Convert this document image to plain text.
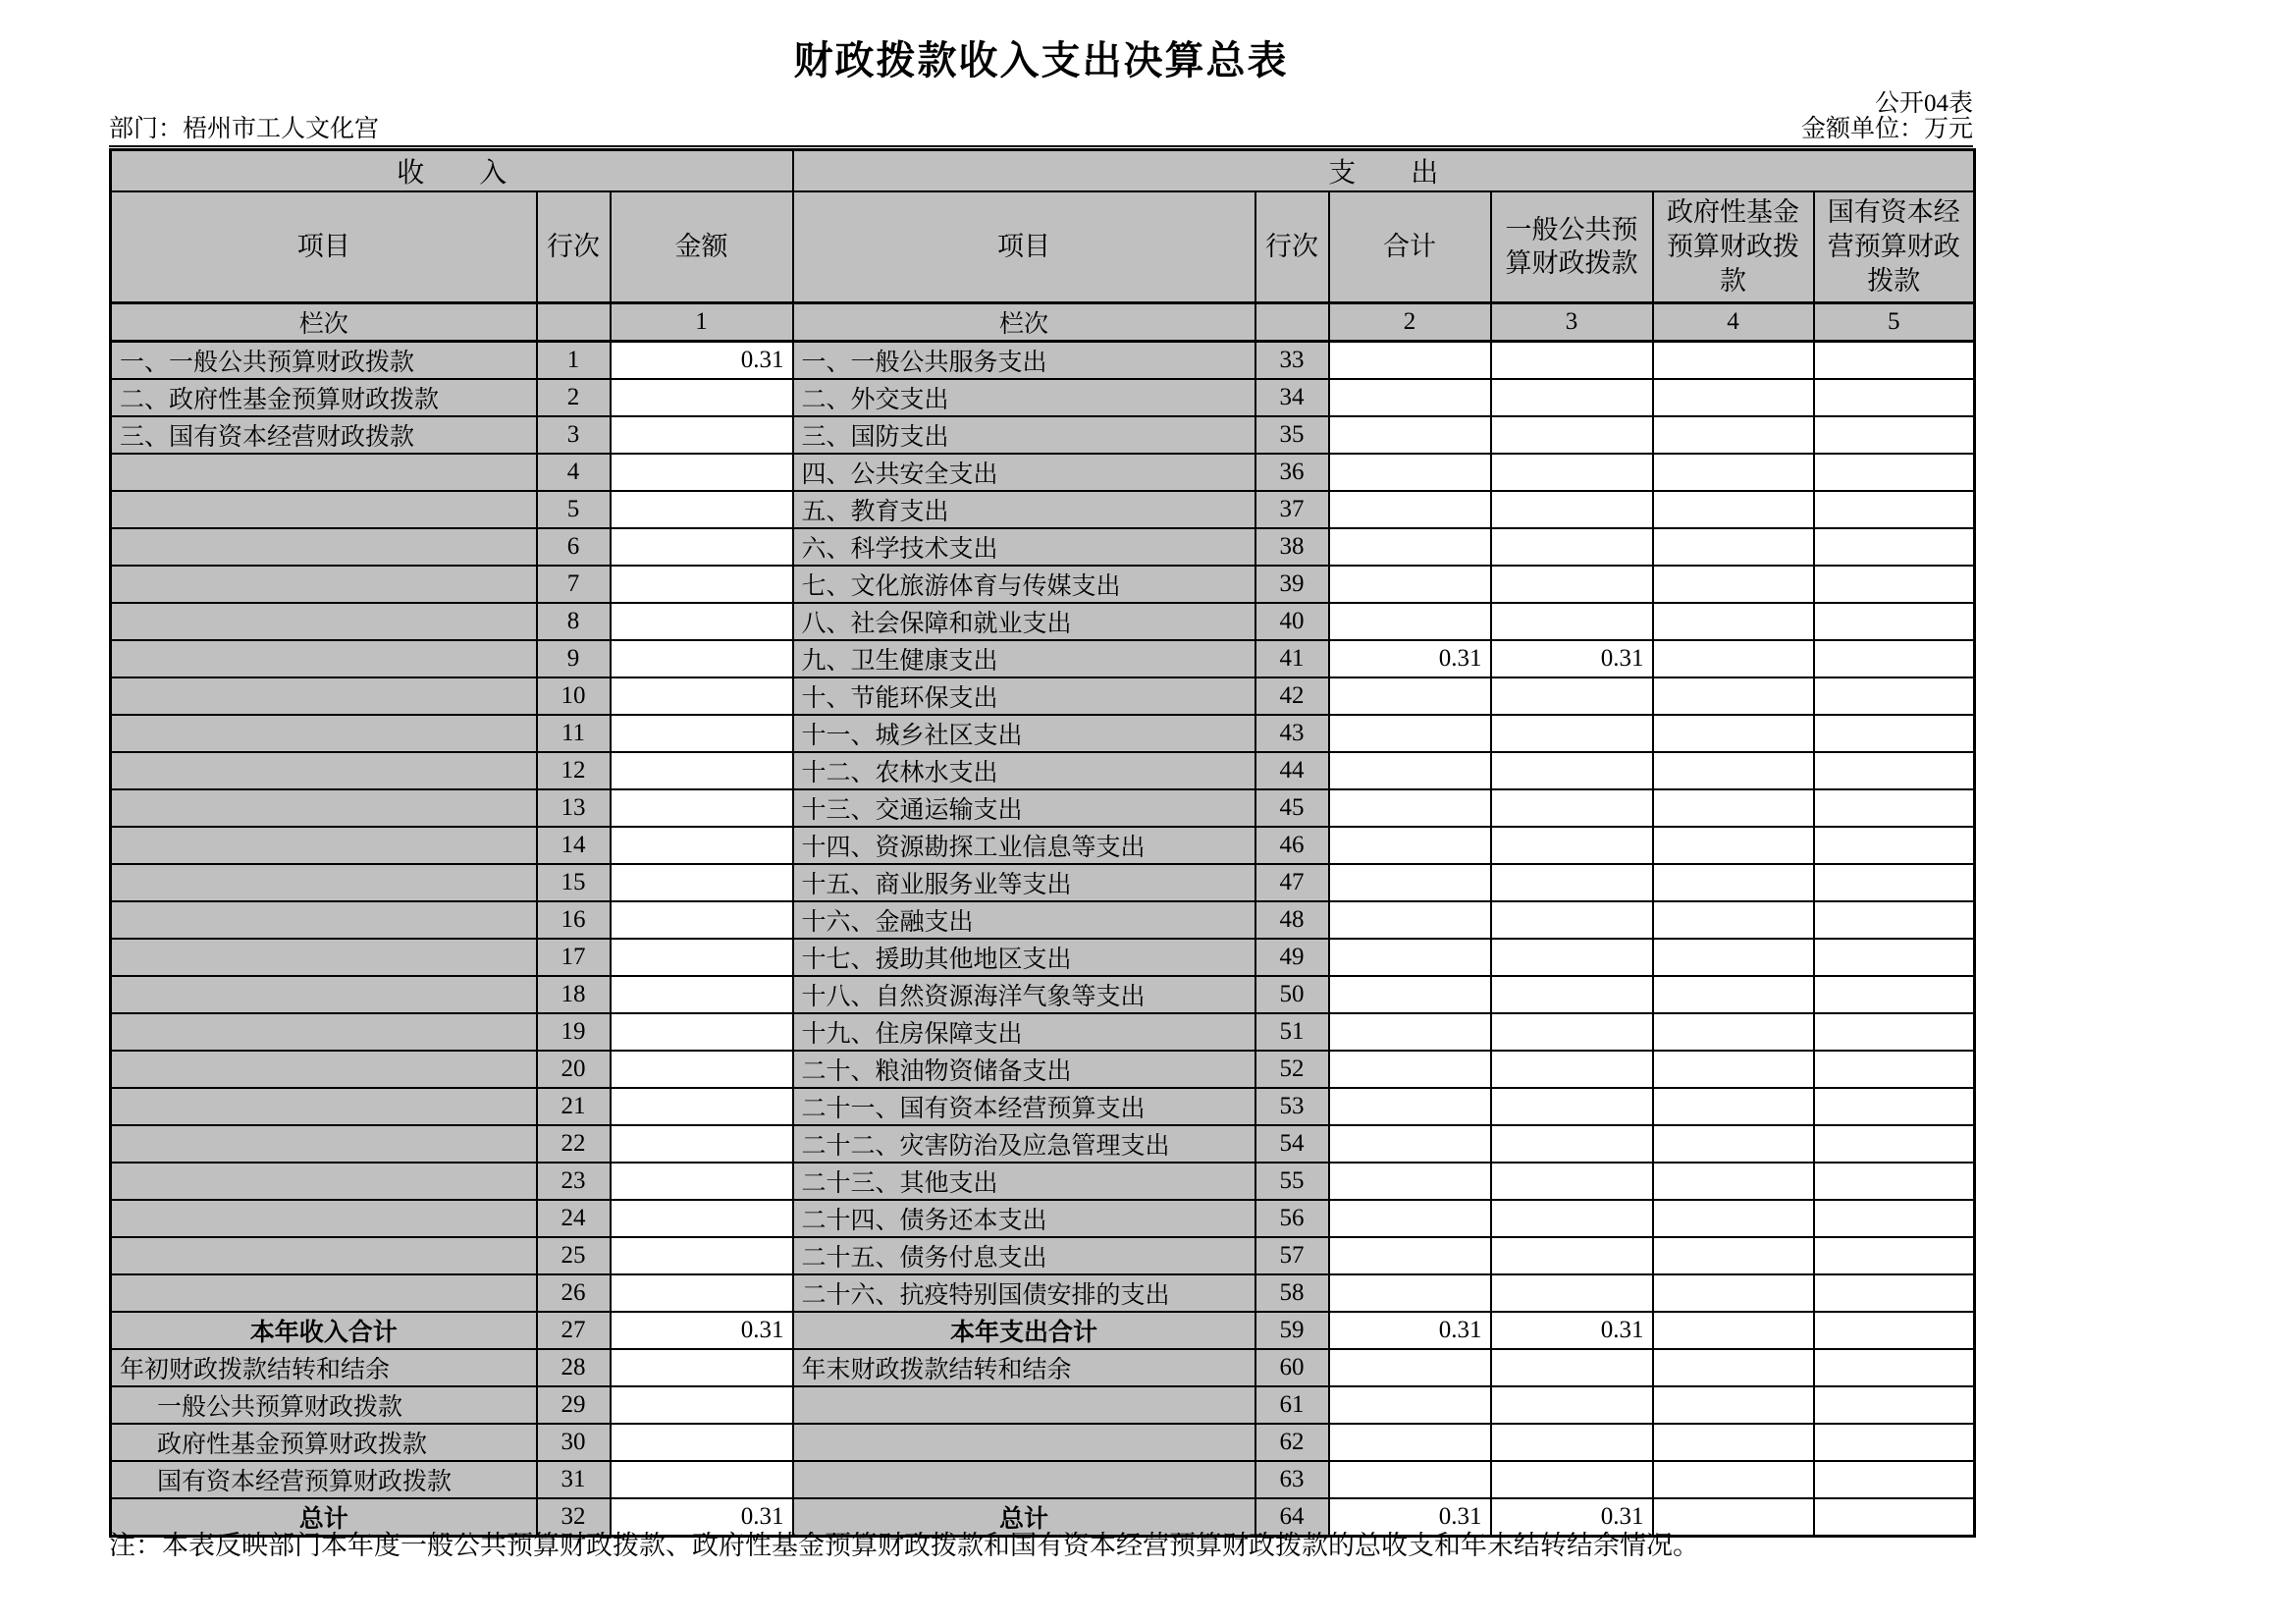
财政拨款收入支出决算总表
公开04表
部门：梧州市工人文化宫	金额单位：万元
收　　入			支　　出					
项目	行次	金额	项目	行次	合计	一般公共预算财政拨款	政府性基金预算财政拨款	国有资本经营预算财政拨款
栏次		1	栏次		2	3	4	5
一、一般公共预算财政拨款	1	0.31	一、一般公共服务支出	33				
二、政府性基金预算财政拨款	2		二、外交支出	34				
三、国有资本经营财政拨款	3		三、国防支出	35				
	4		四、公共安全支出	36				
	5		五、教育支出	37				
	6		六、科学技术支出	38				
	7		七、文化旅游体育与传媒支出	39				
	8		八、社会保障和就业支出	40				
	9		九、卫生健康支出	41	0.31	0.31		
	10		十、节能环保支出	42				
	11		十一、城乡社区支出	43				
	12		十二、农林水支出	44				
	13		十三、交通运输支出	45				
	14		十四、资源勘探工业信息等支出	46				
	15		十五、商业服务业等支出	47				
	16		十六、金融支出	48				
	17		十七、援助其他地区支出	49				
	18		十八、自然资源海洋气象等支出	50				
	19		十九、住房保障支出	51				
	20		二十、粮油物资储备支出	52				
	21		二十一、国有资本经营预算支出	53				
	22		二十二、灾害防治及应急管理支出	54				
	23		二十三、其他支出	55				
	24		二十四、债务还本支出	56				
	25		二十五、债务付息支出	57				
	26		二十六、抗疫特别国债安排的支出	58				
本年收入合计	27	0.31	本年支出合计	59	0.31	0.31		
年初财政拨款结转和结余	28		年末财政拨款结转和结余	60				
一般公共预算财政拨款	29			61				
政府性基金预算财政拨款	30			62				
国有资本经营预算财政拨款	31			63				
总计	32	0.31	总计	64	0.31	0.31		
注：本表反映部门本年度一般公共预算财政拨款、政府性基金预算财政拨款和国有资本经营预算财政拨款的总收支和年末结转结余情况。
